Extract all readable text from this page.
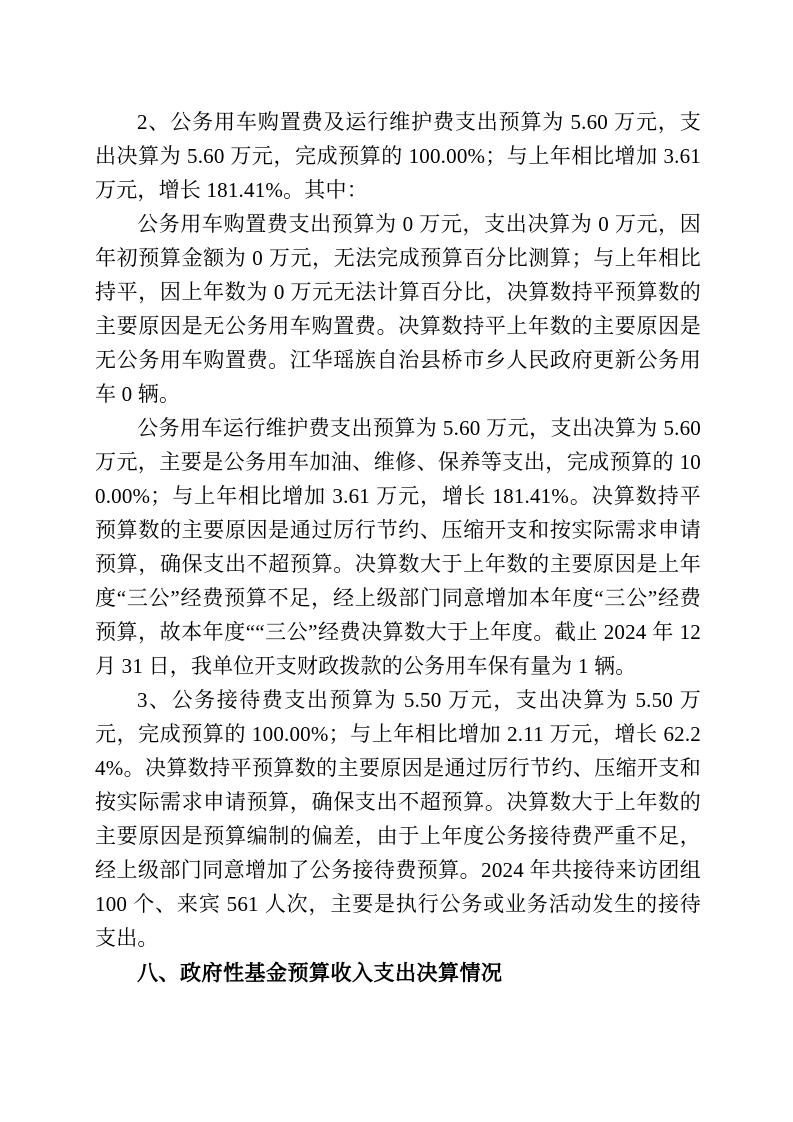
2、公务用车购置费及运行维护费支出预算为 5.60 万元，支出决算为 5.60 万元，完成预算的 100.00%；与上年相比增加 3.61 万元，增长 181.41%。其中：

公务用车购置费支出预算为 0 万元，支出决算为 0 万元，因年初预算金额为 0 万元，无法完成预算百分比测算；与上年相比持平，因上年数为 0 万元无法计算百分比，决算数持平预算数的主要原因是无公务用车购置费。决算数持平上年数的主要原因是无公务用车购置费。江华瑶族自治县桥市乡人民政府更新公务用车 0 辆。

公务用车运行维护费支出预算为 5.60 万元，支出决算为 5.60 万元，主要是公务用车加油、维修、保养等支出，完成预算的 100.00%；与上年相比增加 3.61 万元，增长 181.41%。决算数持平预算数的主要原因是通过厉行节约、压缩开支和按实际需求申请预算，确保支出不超预算。决算数大于上年数的主要原因是上年度“三公”经费预算不足，经上级部门同意增加本年度“三公”经费预算，故本年度““三公”经费决算数大于上年度。截止 2024 年 12 月 31 日，我单位开支财政拨款的公务用车保有量为 1 辆。

3、公务接待费支出预算为 5.50 万元，支出决算为 5.50 万元，完成预算的 100.00%；与上年相比增加 2.11 万元，增长 62.24%。决算数持平预算数的主要原因是通过厉行节约、压缩开支和按实际需求申请预算，确保支出不超预算。决算数大于上年数的主要原因是预算编制的偏差，由于上年度公务接待费严重不足，经上级部门同意增加了公务接待费预算。2024 年共接待来访团组 100 个、来宾 561 人次，主要是执行公务或业务活动发生的接待支出。

八、政府性基金预算收入支出决算情况
